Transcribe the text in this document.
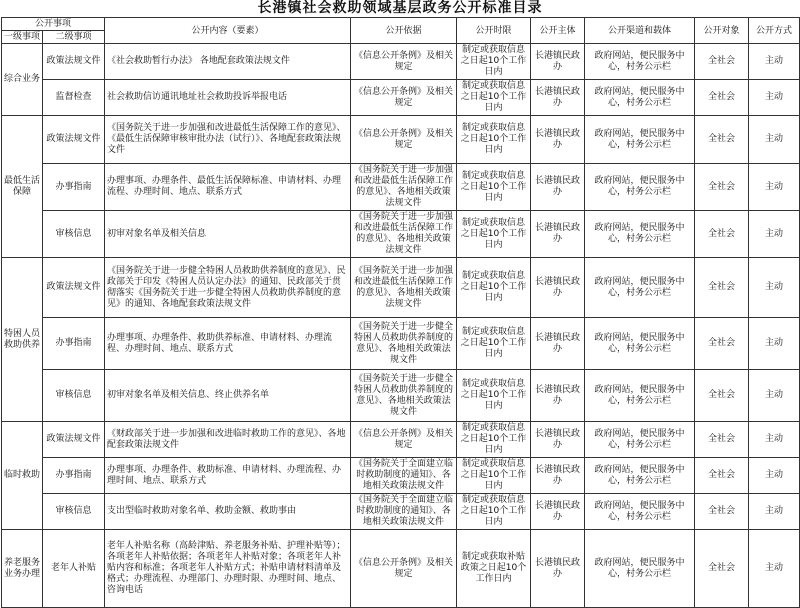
长港镇社会救助领域基层政务公开标准目录
公开事项		公开内容（要素）	公开依据	公开时限	公开主体	公开渠道和载体	公开对象	公开方式
一级事项	二级事项							
综合业务	政策法规文件	《社会救助暂行办法》 各地配套政策法规文件	《信息公开条例》及相关规定	制定或获取信息之日起10个工作日内	长港镇民政办	政府网站，便民服务中心，村务公示栏	全社会	主动
	监督检查	社会救助信访通讯地址社会救助投诉举报电话	《信息公开条例》及相关规定	制定或获取信息之日起10个工作日内	长港镇民政办	政府网站，便民服务中心，村务公示栏	全社会	主动
最低生活保障	政策法规文件	《国务院关于进一步加强和改进最低生活保障工作的意见》、《最低生活保障审核审批办法（试行）》、各地配套政策法规文件	《信息公开条例》及相关规定	制定或获取信息之日起10个工作日内	长港镇民政办	政府网站，便民服务中心，村务公示栏	全社会	主动
	办事指南	办理事项、办理条件、最低生活保障标准、申请材料、办理流程、办理时间、地点、联系方式	《国务院关于进一步加强和改进最低生活保障工作的意见》、各地相关政策法规文件	制定或获取信息之日起10个工作日内	长港镇民政办	政府网站，便民服务中心，村务公示栏	全社会	主动
	审核信息	初审对象名单及相关信息	《国务院关于进一步加强和改进最低生活保障工作的意见》、各地相关政策法规文件	制定或获取信息之日起10个工作日内	长港镇民政办	政府网站，便民服务中心，村务公示栏	全社会	主动
特困人员救助供养	政策法规文件	《国务院关于进一步健全特困人员救助供养制度的意见》、民政部关于印发《特困人员认定办法》的通知、民政部关于贯彻落实《国务院关于进一步健全特困人员救助供养制度的意见》的通知、各地配套政策法规文件	《国务院关于进一步加强和改进最低生活保障工作的意见》、各地相关政策法规文件	制定或获取信息之日起10个工作日内	长港镇民政办	政府网站，便民服务中心，村务公示栏	全社会	主动
	办事指南	办理事项、办理条件、救助供养标准、申请材料、办理流程、办理时间、地点、联系方式	《国务院关于进一步健全特困人员救助供养制度的意见》、各地相关政策法规文件	制定或获取信息之日起10个工作日内	长港镇民政办	政府网站，便民服务中心，村务公示栏	全社会	主动
	审核信息	初审对象名单及相关信息、终止供养名单	《国务院关于进一步健全特困人员救助供养制度的意见》、各地相关政策法规文件	制定或获取信息之日起10个工作日内	长港镇民政办	政府网站，便民服务中心，村务公示栏	全社会	主动
临时救助	政策法规文件	《财政部关于进一步加强和改进临时救助工作的意见》、各地配套政策法规文件	《信息公开条例》及相关规定	制定或获取信息之日起10个工作日内	长港镇民政办	政府网站，便民服务中心，村务公示栏	全社会	主动
	办事指南	办理事项、办理条件、救助标准、申请材料、办理流程、办理时间、地点、联系方式	《国务院关于全面建立临时救助制度的通知》、各地相关政策法规文件	制定或获取信息之日起10个工作日内	长港镇民政办	政府网站，便民服务中心，村务公示栏	全社会	主动
	审核信息	支出型临时救助对象名单、救助金额、救助事由	《国务院关于全面建立临时救助制度的通知》、各地相关政策法规文件	制定或获取信息之日起10个工作日内	长港镇民政办	政府网站，便民服务中心，村务公示栏	全社会	主动
养老服务业务办理	老年人补贴	老年人补贴名称（高龄津贴、养老服务补贴、护理补贴等）；各项老年人补贴依据；各项老年人补贴对象；各项老年人补贴内容和标准；各项老年人补贴方式；补贴申请材料清单及格式；办理流程、办理部门、办理时限、办理时间、地点、咨询电话	《信息公开条例》及相关规定	制定或获取补贴政策之日起10个工作日内	长港镇民政办	政府网站，便民服务中心，村务公示栏	全社会	主动
